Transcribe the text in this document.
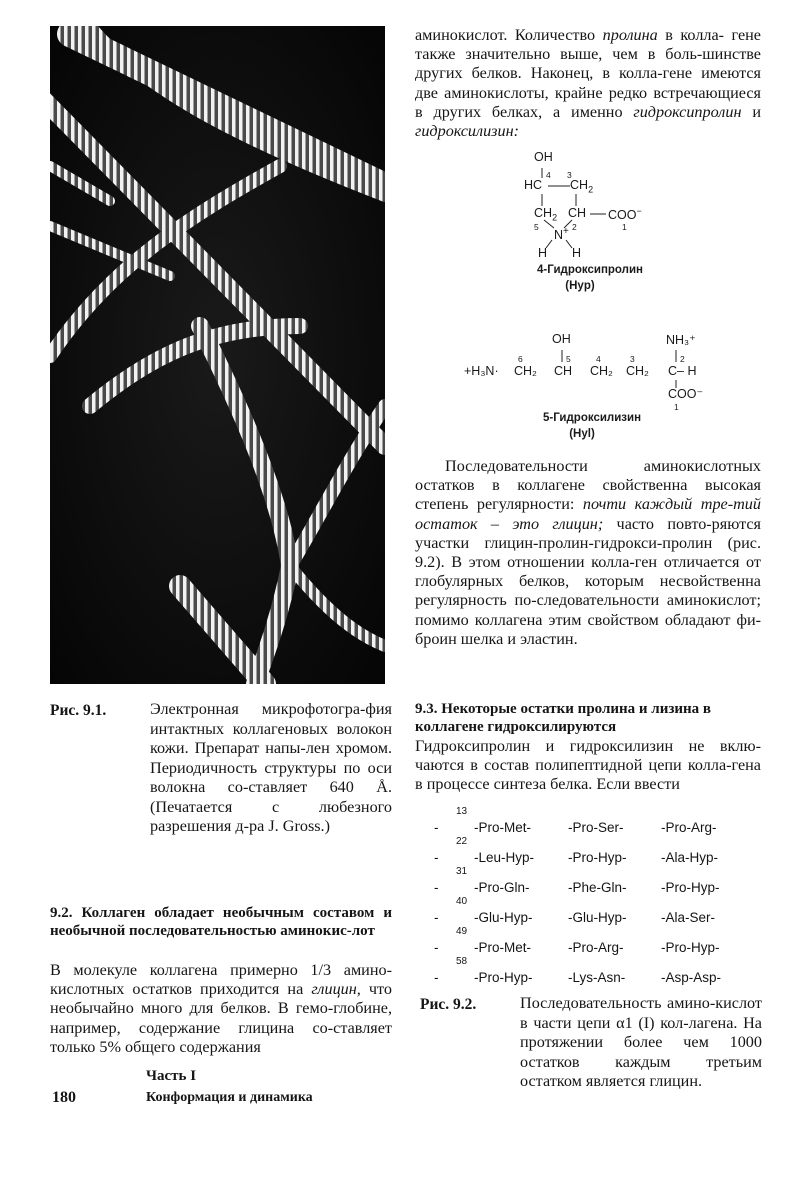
аминокислот. Количество пролина в колла- гене также значительно выше, чем в боль-шинстве других белков. Наконец, в колла-гене имеются две аминокислоты, крайне редко встречающиеся в других белках, а именно гидроксипролин и гидроксилизин:

OH
4 3
HC $CH_2$
$CH_2$ CH COO−
5	2	1
N+
H H
4-Гидроксипролин
(Hyp)
OH	NH₃⁺
6	5	4	3	2
+H₃N· CH₂ CH CH₂ CH₂ C– H
COO⁻
1
5-Гидроксилизин
(Hyl)

Последовательности аминокислотных остатков в коллагене свойственна высокая степень регулярности: почти каждый тре-тий остаток – это глицин; часто повто-ряются участки глицин-пролин-гидрокси-пролин (рис. 9.2). В этом отношении колла-ген отличается от глобулярных белков, которым несвойственна регулярность по-следовательности аминокислот; помимо коллагена этим свойством обладают фи-броин шелка и эластин.

Рис. 9.1.	Электронная микрофотогра-фия интактных коллагеновых волокон кожи. Препарат напы-лен хромом. Периодичность структуры по оси волокна со-ставляет 640 Å. (Печатается с любезного разрешения д-ра J. Gross.)
9.2. Коллаген обладает необычным составом и необычной последовательностью аминокис-лот

В молекуле коллагена примерно 1/3 амино-кислотных остатков приходится на глицин, что необычайно много для белков. В гемо-глобине, например, содержание глицина со-ставляет только 5% общего содержания

9.3. Некоторые остатки пролина и лизина в коллагене гидроксилируются

Гидроксипролин и гидроксилизин не вклю-чаются в состав полипептидной цепи колла-гена в процессе синтеза белка. Если ввести

13
-	-Pro-Met-	-Pro-Ser-	-Pro-Arg-
22
-	-Leu-Hyp-	-Pro-Hyp-	-Ala-Hyp-
31
-	-Pro-Gln-	-Phe-Gln-	-Pro-Hyp-
40
-	-Glu-Hyp-	-Glu-Hyp-	-Ala-Ser-
49
-	-Pro-Met-	-Pro-Arg-	-Pro-Hyp-
58
-	-Pro-Hyp-	-Lys-Asn-	-Asp-Asp-
Рис. 9.2.	Последовательность амино-кислот в части цепи α1 (I) кол-лагена. На протяжении более чем 1000 остатков каждым третьим остатком является глицин.
Часть I
180	Конформация и динамика
